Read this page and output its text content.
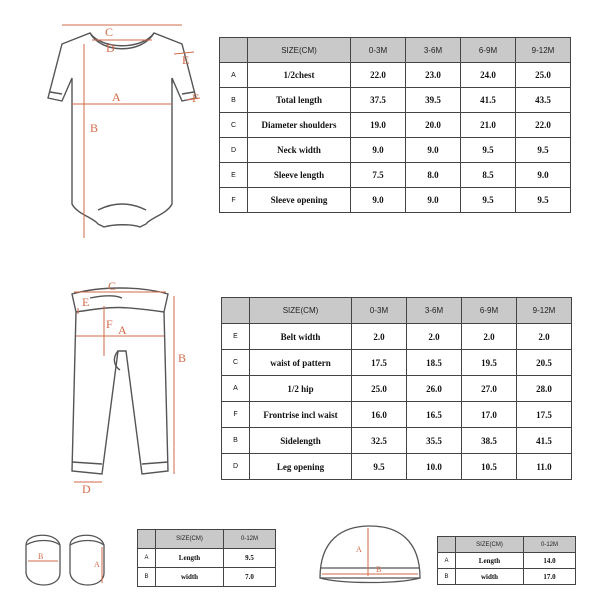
C
D
E
F
A
B
	SIZE(CM)	0-3M	3-6M	6-9M	9-12M
A	1/2chest	22.0	23.0	24.0	25.0
B	Total length	37.5	39.5	41.5	43.5
C	Diameter shoulders	19.0	20.0	21.0	22.0
D	Neck width	9.0	9.0	9.5	9.5
E	Sleeve length	7.5	8.0	8.5	9.0
F	Sleeve opening	9.0	9.0	9.5	9.5
C
E
F A
B
D
	SIZE(CM)	0-3M	3-6M	6-9M	9-12M
E	Belt width	2.0	2.0	2.0	2.0
C	waist of pattern	17.5	18.5	19.5	20.5
A	1/2 hip	25.0	26.0	27.0	28.0
F	Frontrise incl waist	16.0	16.5	17.0	17.5
B	Sidelength	32.5	35.5	38.5	41.5
D	Leg opening	9.5	10.0	10.5	11.0
B
A
	SIZE(CM)	0-12M
A	Length	9.5
B	width	7.0
A
B
	SIZE(CM)	0-12M
A	Length	14.0
B	width	17.0
